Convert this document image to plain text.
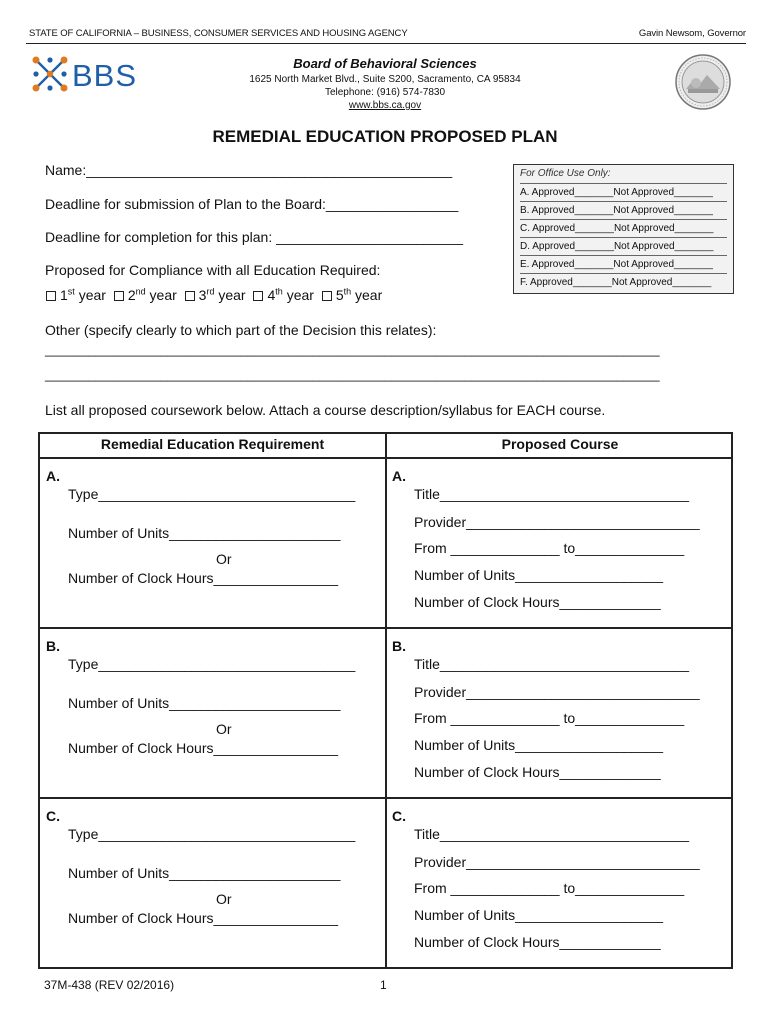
STATE OF CALIFORNIA – BUSINESS, CONSUMER SERVICES AND HOUSING AGENCY	Gavin Newsom, Governor
BBS	Board of Behavioral Sciences
1625 North Market Blvd., Suite S200, Sacramento, CA 95834
Telephone: (916) 574-7830
www.bbs.ca.gov
REMEDIAL EDUCATION PROPOSED PLAN
Name:_______________________________________________
Deadline for submission of Plan to the Board:_________________
Deadline for completion for this plan: ________________________
Proposed for Compliance with all Education Required:
1st year 2nd year 3rd year 4th year 5th year
For Office Use Only:
A. Approved_______Not Approved_______
B. Approved_______Not Approved_______
C. Approved_______Not Approved_______
D. Approved_______Not Approved_______
E. Approved_______Not Approved_______
F. Approved_______Not Approved_______
Other (specify clearly to which part of the Decision this relates):
_____________________________________________________________________________________
_____________________________________________________________________________________
List all proposed coursework below. Attach a course description/syllabus for EACH course.
Remedial Education Requirement	Proposed Course
A.
Type_________________________________
Number of Units______________________
Or
Number of Clock Hours________________
A.
Title________________________________
Provider______________________________
From ______________ to______________
Number of Units___________________
Number of Clock Hours_____________
B.
Type_________________________________
Number of Units______________________
Or
Number of Clock Hours________________
B.
Title________________________________
Provider______________________________
From ______________ to______________
Number of Units___________________
Number of Clock Hours_____________
C.
Type_________________________________
Number of Units______________________
Or
Number of Clock Hours________________
C.
Title________________________________
Provider______________________________
From ______________ to______________
Number of Units___________________
Number of Clock Hours_____________
37M-438 (REV 02/2016)	1
